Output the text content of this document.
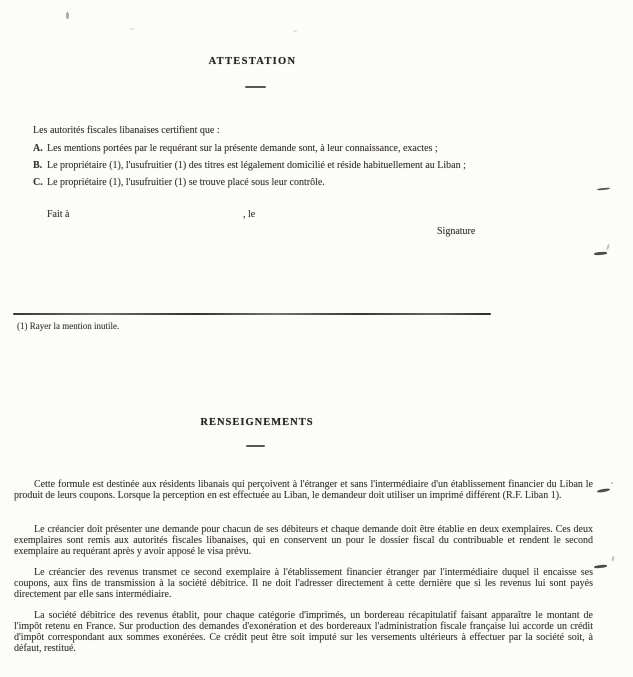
ATTESTATION
Les autorités fiscales libanaises certifient que :
A. Les mentions portées par le requérant sur la présente demande sont, à leur connaissance, exactes ;
B. Le propriétaire (1), l'usufruitier (1) des titres est légalement domicilié et réside habituellement au Liban ;
C. Le propriétaire (1), l'usufruitier (1) se trouve placé sous leur contrôle.
Fait à	, le
Signature
(1) Rayer la mention inutile.
RENSEIGNEMENTS
Cette formule est destinée aux résidents libanais qui perçoivent à l'étranger et sans l'intermédiaire d'un établissement financier du Liban le produit de leurs coupons. Lorsque la perception en est effectuée au Liban, le demandeur doit utiliser un imprimé différent (R.F. Liban 1).
Le créancier doit présenter une demande pour chacun de ses débiteurs et chaque demande doit être établie en deux exemplaires. Ces deux exemplaires sont remis aux autorités fiscales libanaises, qui en conservent un pour le dossier fiscal du contribuable et rendent le second exemplaire au requérant après y avoir apposé le visa prévu.
Le créancier des revenus transmet ce second exemplaire à l'établissement financier étranger par l'intermédiaire duquel il encaisse ses coupons, aux fins de transmission à la société débitrice. Il ne doit l'adresser directement à cette dernière que si les revenus lui sont payés directement par elle sans intermédiaire.
La société débitrice des revenus établit, pour chaque catégorie d'imprimés, un bordereau récapitulatif faisant apparaître le montant de l'impôt retenu en France. Sur production des demandes d'exonération et des bordereaux l'administration fiscale française lui accorde un crédit d'impôt correspondant aux sommes exonérées. Ce crédit peut être soit imputé sur les versements ultérieurs à effectuer par la société soit, à défaut, restitué.
